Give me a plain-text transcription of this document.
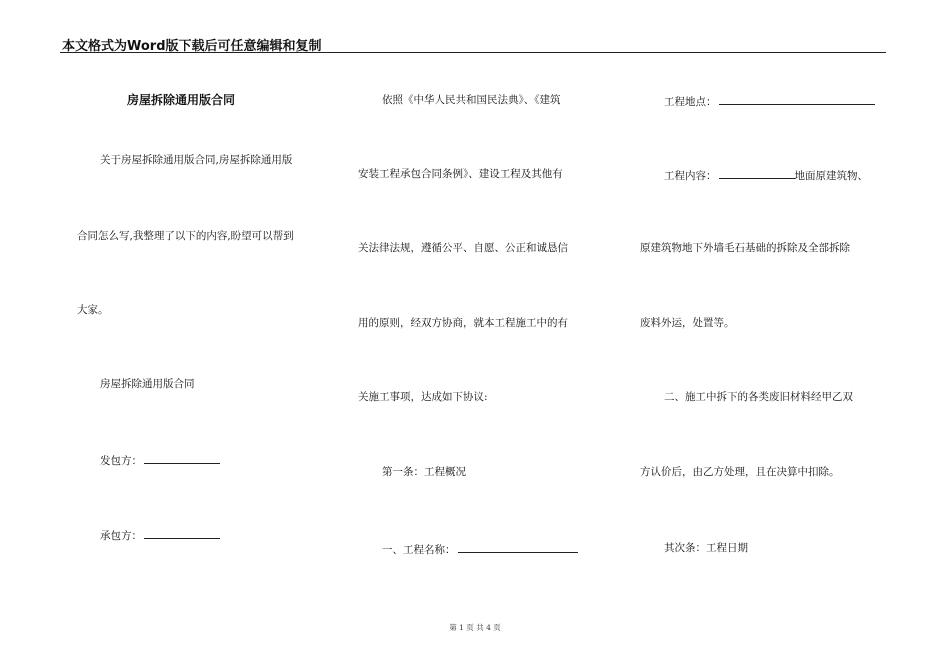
本文格式为Word版下载后可任意编辑和复制
房屋拆除通用版合同
关于房屋拆除通用版合同,房屋拆除通用版
合同怎么写,我整理了以下的内容,盼望可以帮到
大家。
房屋拆除通用版合同
发包方：
承包方：
依照《中华人民共和国民法典》、《建筑
安装工程承包合同条例》、建设工程及其他有
关法律法规，遵循公平、自愿、公正和诚恳信
用的原则，经双方协商，就本工程施工中的有
关施工事项，达成如下协议:
第一条：工程概况
一、工程名称：
工程地点：
工程内容：	地面原建筑物、
原建筑物地下外墙毛石基础的拆除及全部拆除
废料外运，处置等。
二、施工中拆下的各类废旧材料经甲乙双
方认价后，由乙方处理，且在决算中扣除。
其次条：工程日期
第 1 页 共 4 页
